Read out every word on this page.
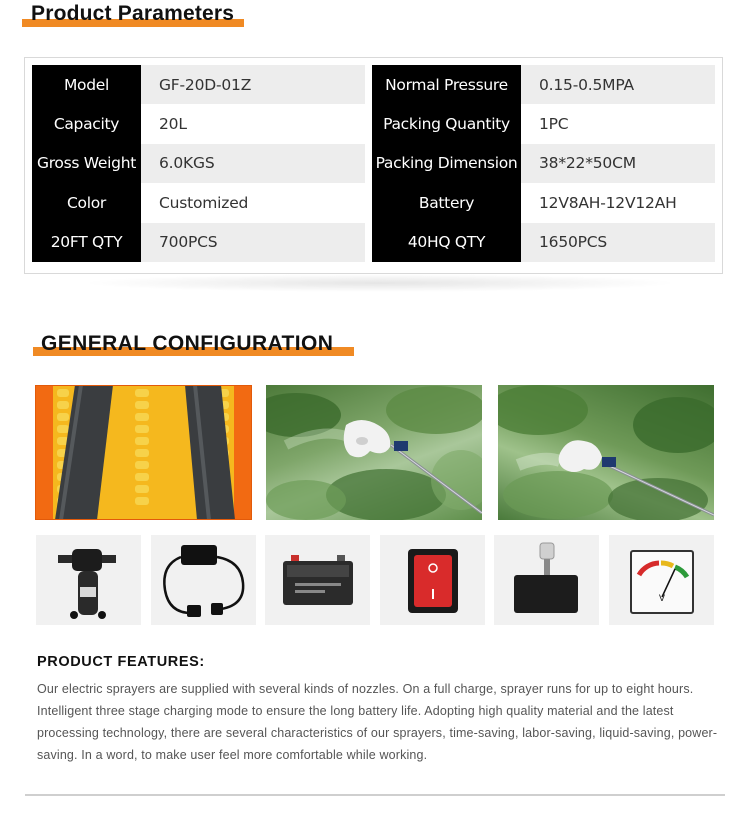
Product Parameters
Model	GF-20D-01Z
Capacity	20L
Gross Weight	6.0KGS
Color	Customized
20FT QTY	700PCS
Normal Pressure	0.15-0.5MPA
Packing Quantity	1PC
Packing Dimension	38*22*50CM
Battery	12V8AH-12V12AH
40HQ QTY	1650PCS
GENERAL CONFIGURATION
V
PRODUCT FEATURES:
Our electric sprayers are supplied with several kinds of nozzles. On a full charge, sprayer runs for up to eight hours. Intelligent three stage charging mode to ensure the long battery life. Adopting high quality material and the latest processing technology, there are several characteristics of our sprayers, time-saving, labor-saving, liquid-saving, power-saving. In a word, to make user feel more comfortable while working.
